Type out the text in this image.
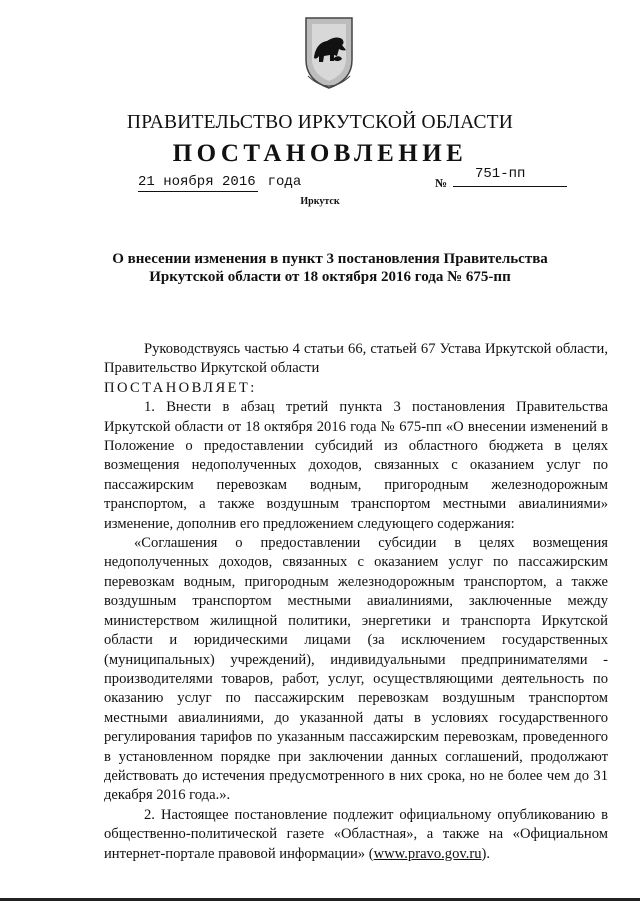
ПРАВИТЕЛЬСТВО ИРКУТСКОЙ ОБЛАСТИ
ПОСТАНОВЛЕНИЕ
21 ноября 2016 года	№
751-пп
Иркутск
О внесении изменения в пункт 3 постановления Правительства
Иркутской области от 18 октября 2016 года № 675-пп

Руководствуясь частью 4 статьи 66, статьей 67 Устава Иркутской области, Правительство Иркутской области

ПОСТАНОВЛЯЕТ:

1. Внести в абзац третий пункта 3 постановления Правительства Иркутской области от 18 октября 2016 года № 675-пп «О внесении изменений в Положение о предоставлении субсидий из областного бюджета в целях возмещения недополученных доходов, связанных с оказанием услуг по пассажирским перевозкам водным, пригородным железнодорожным транспортом, а также воздушным транспортом местными авиалиниями» изменение, дополнив его предложением следующего содержания:

«Соглашения о предоставлении субсидии в целях возмещения недополученных доходов, связанных с оказанием услуг по пассажирским перевозкам водным, пригородным железнодорожным транспортом, а также воздушным транспортом местными авиалиниями, заключенные между министерством жилищной политики, энергетики и транспорта Иркутской области и юридическими лицами (за исключением государственных (муниципальных) учреждений), индивидуальными предпринимателями - производителями товаров, работ, услуг, осуществляющими деятельность по оказанию услуг по пассажирским перевозкам воздушным транспортом местными авиалиниями, до указанной даты в условиях государственного регулирования тарифов по указанным пассажирским перевозкам, проведенного в установленном порядке при заключении данных соглашений, продолжают действовать до истечения предусмотренного в них срока, но не более чем до 31 декабря 2016 года.».

2. Настоящее постановление подлежит официальному опубликованию в общественно-политической газете «Областная», а также на «Официальном интернет-портале правовой информации» (www.pravo.gov.ru).
